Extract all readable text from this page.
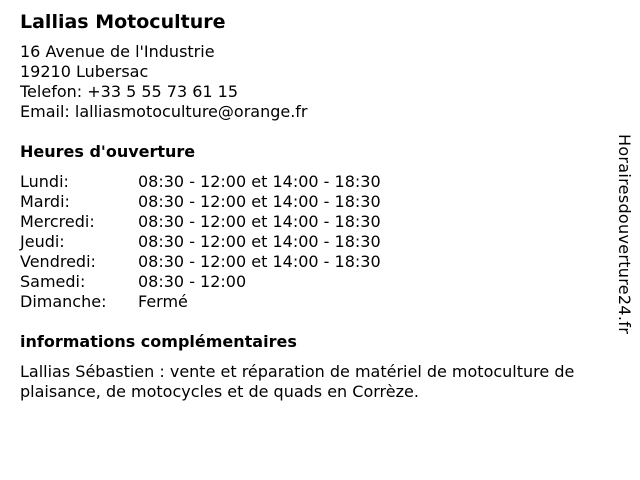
Lallias Motoculture
16 Avenue de l'Industrie
19210 Lubersac
Telefon: +33 5 55 73 61 15
Email: lalliasmotoculture@orange.fr
Heures d'ouverture
Lundi:	08:30 - 12:00 et 14:00 - 18:30
Mardi:	08:30 - 12:00 et 14:00 - 18:30
Mercredi:	08:30 - 12:00 et 14:00 - 18:30
Jeudi:	08:30 - 12:00 et 14:00 - 18:30
Vendredi:	08:30 - 12:00 et 14:00 - 18:30
Samedi:	08:30 - 12:00
Dimanche:	Fermé
informations complémentaires
Lallias Sébastien : vente et réparation de matériel de motoculture de plaisance, de motocycles et de quads en Corrèze.
Horairesdouverture24.fr
